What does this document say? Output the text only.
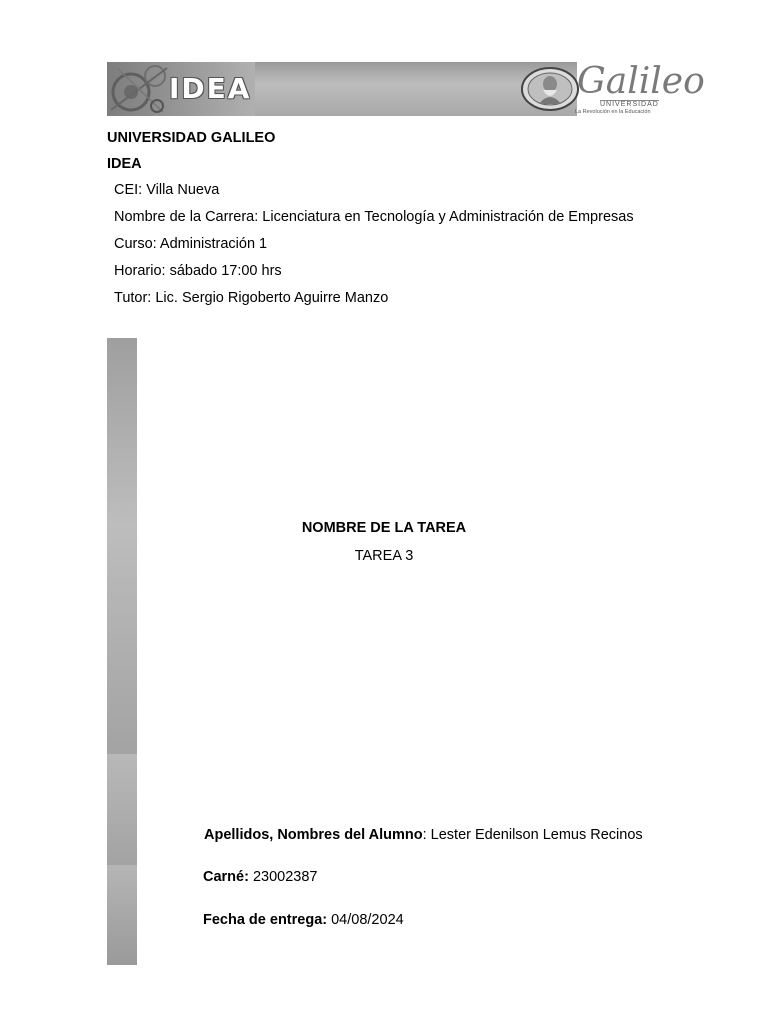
IDEA	Galileo
UNIVERSIDAD
La Revolución en la Educación
UNIVERSIDAD GALILEO
IDEA
CEI: Villa Nueva
Nombre de la Carrera: Licenciatura en Tecnología y Administración de Empresas
Curso: Administración 1
Horario: sábado 17:00 hrs
Tutor: Lic. Sergio Rigoberto Aguirre Manzo
NOMBRE DE LA TAREA
TAREA 3
Apellidos, Nombres del Alumno: Lester Edenilson Lemus Recinos
Carné: 23002387
Fecha de entrega: 04/08/2024
